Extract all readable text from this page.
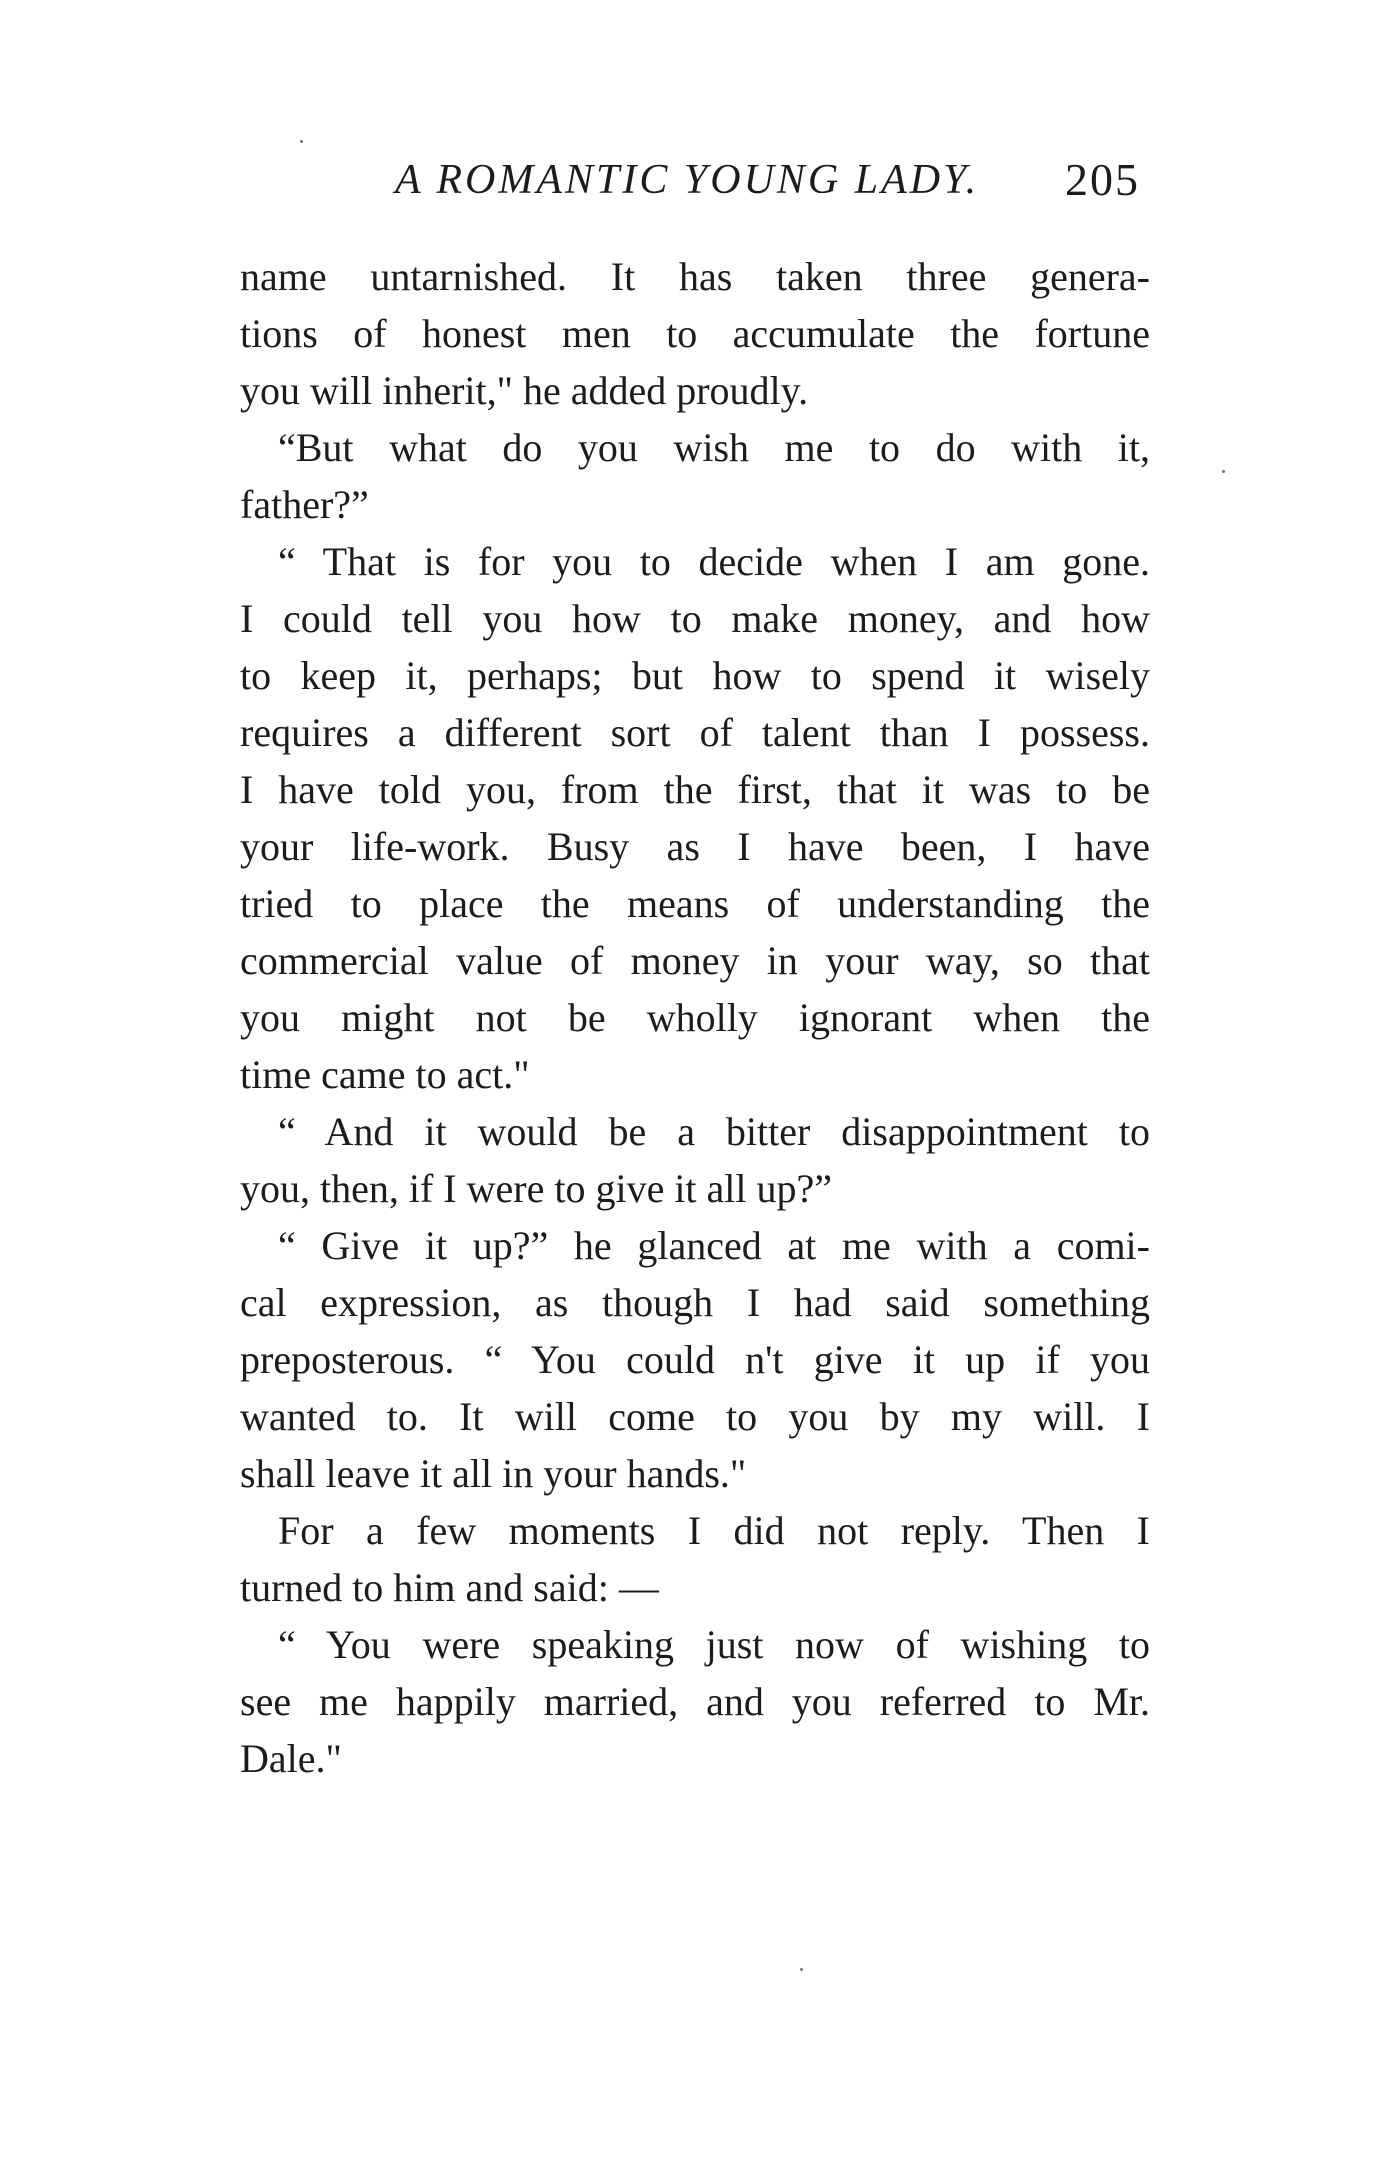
A ROMANTIC YOUNG LADY. 205
name untarnished. It has taken three genera-
tions of honest men to accumulate the fortune
you will inherit," he added proudly.
“But what do you wish me to do with it,
father?”
“ That is for you to decide when I am gone.
I could tell you how to make money, and how
to keep it, perhaps; but how to spend it wisely
requires a different sort of talent than I possess.
I have told you, from the first, that it was to be
your life-work. Busy as I have been, I have
tried to place the means of understanding the
commercial value of money in your way, so that
you might not be wholly ignorant when the
time came to act."
“ And it would be a bitter disappointment to
you, then, if I were to give it all up?”
“ Give it up?” he glanced at me with a comi-
cal expression, as though I had said something
preposterous. “ You could n't give it up if you
wanted to. It will come to you by my will. I
shall leave it all in your hands."
For a few moments I did not reply. Then I
turned to him and said: —
“ You were speaking just now of wishing to
see me happily married, and you referred to Mr.
Dale."
